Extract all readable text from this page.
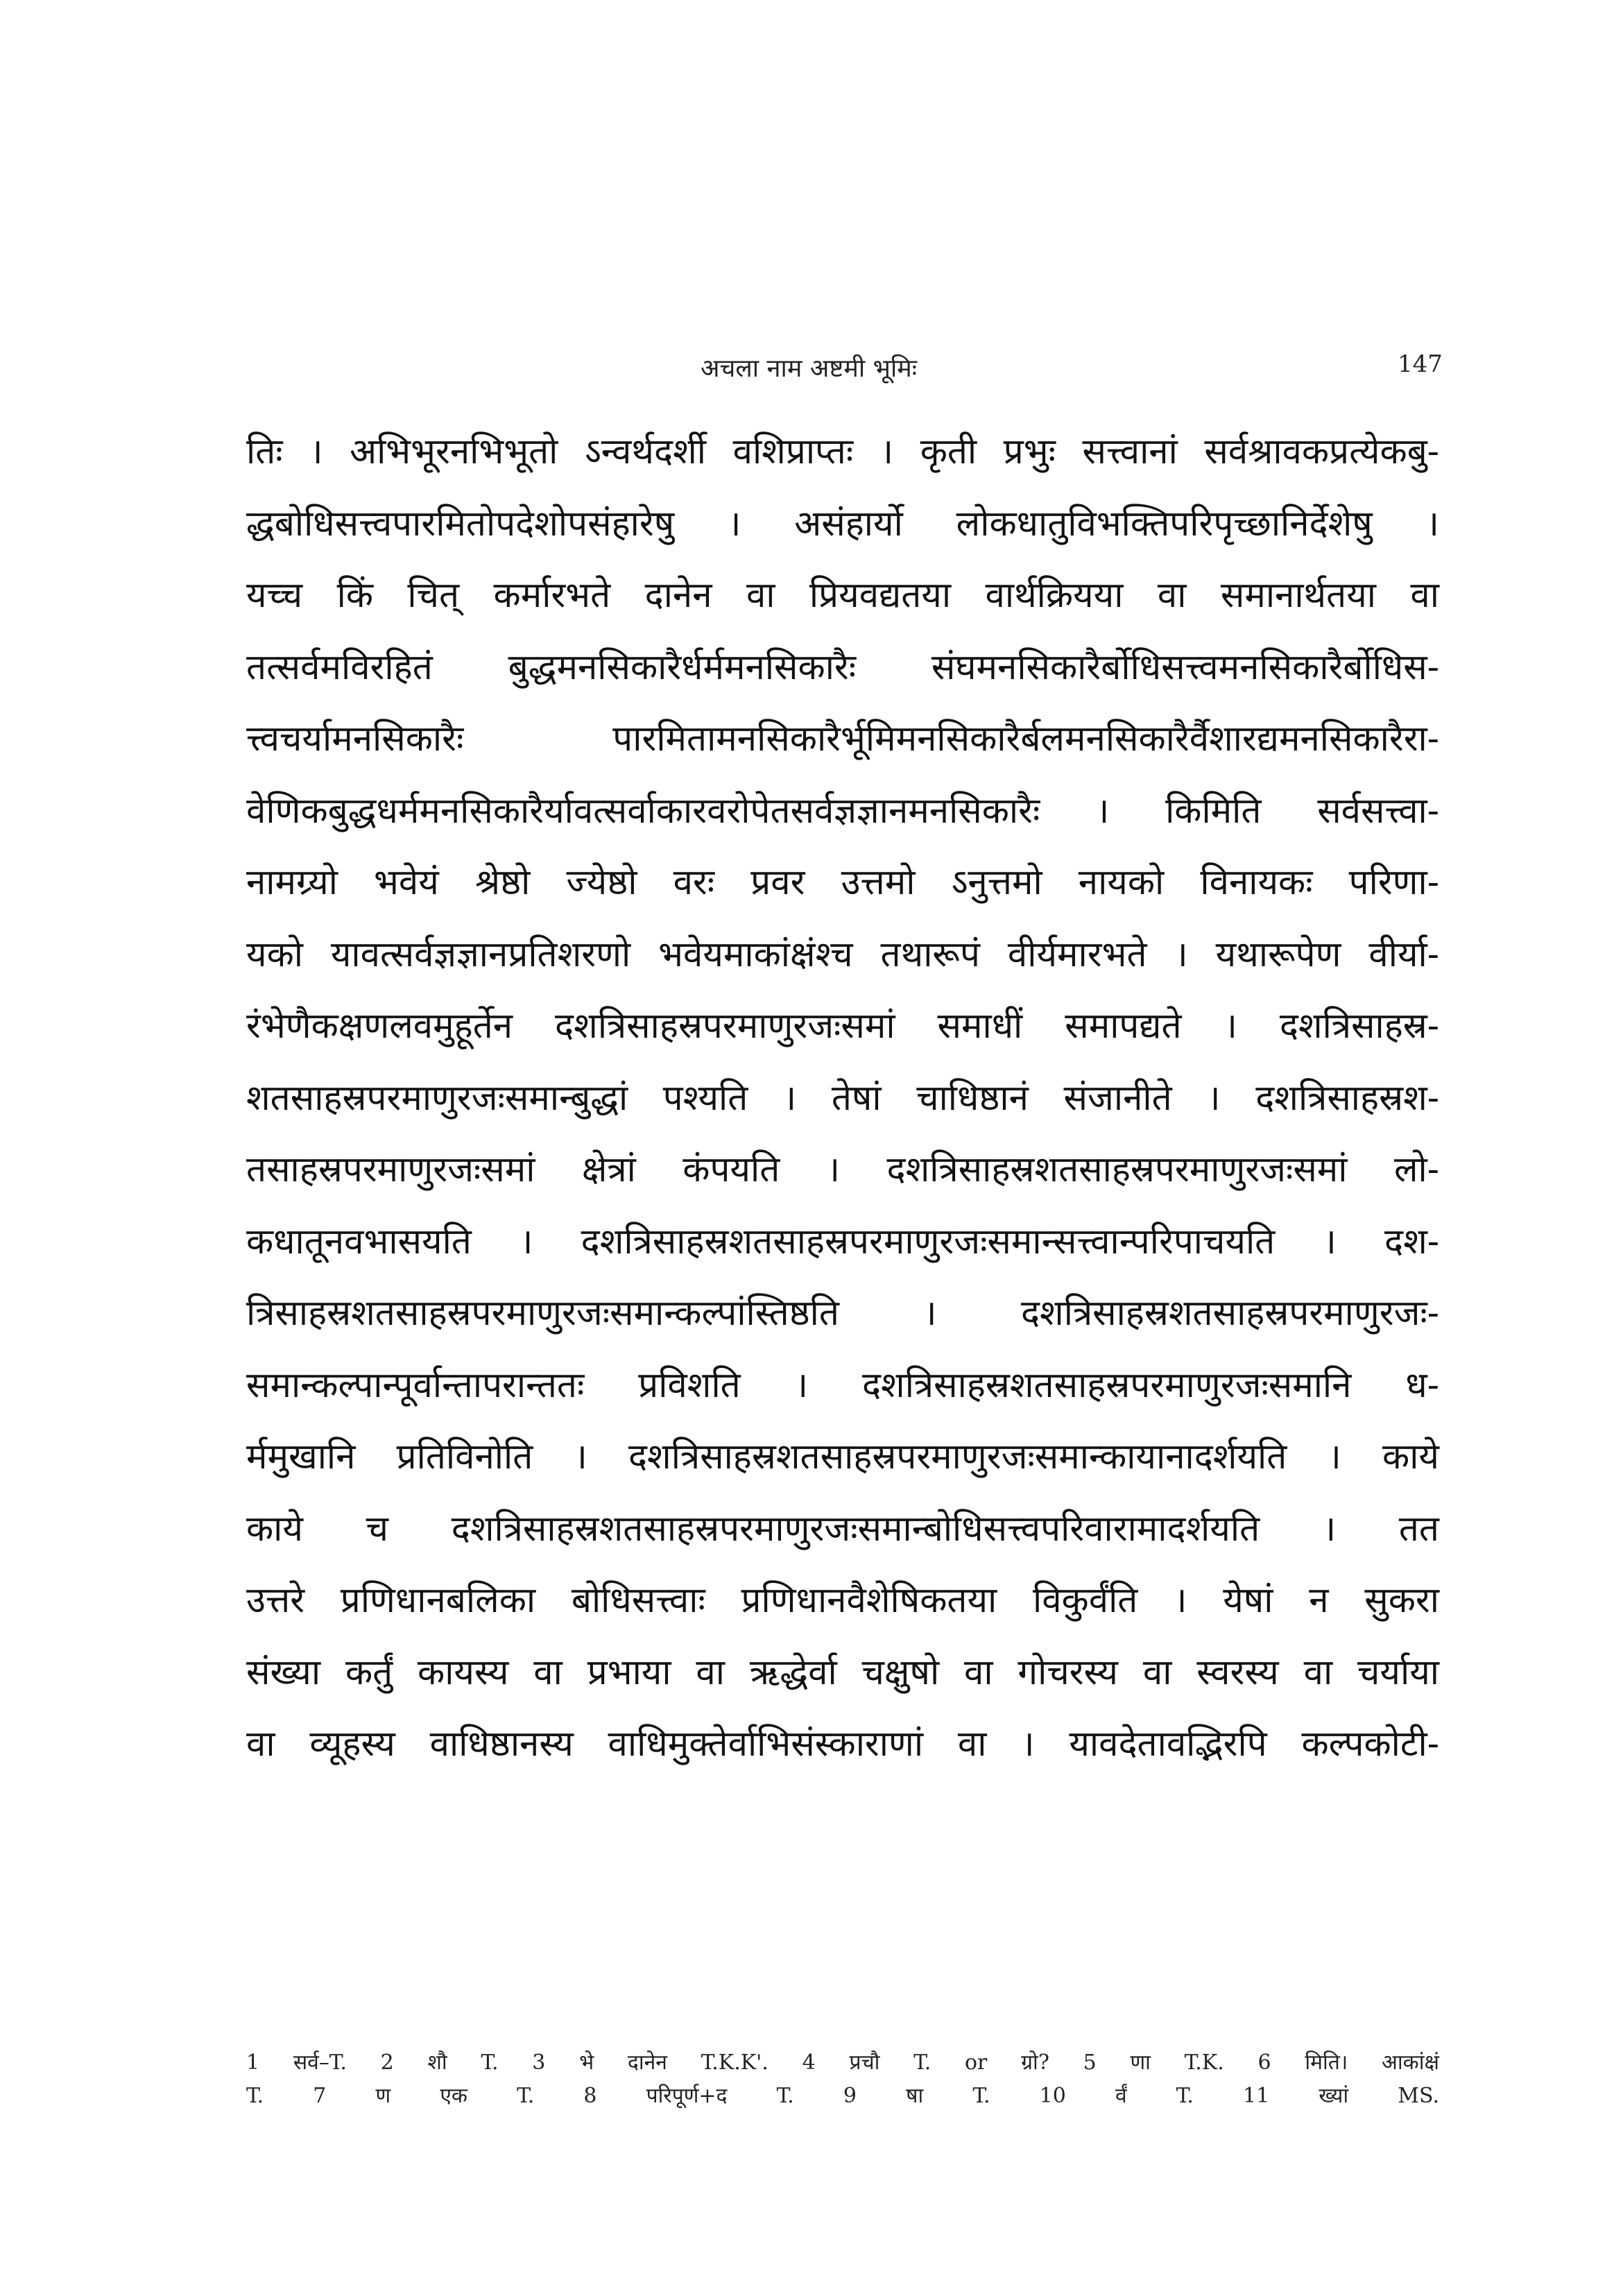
अचला नाम अष्टमी भूमिः	147
तिः । अभिभूरनभिभूतो ऽन्वर्थदर्शी वशिप्राप्तः । कृती प्रभुः सत्त्वानां सर्वश्रावकप्रत्येकबु-
द्धबोधिसत्त्वपारमितोपदेशोपसंहारेषु । असंहार्यो लोकधातुविभक्तिपरिपृच्छानिर्देशेषु ।
यच्च किं चित् कर्मारभते दानेन वा प्रियवद्यतया वार्थक्रियया वा समानार्थतया वा
तत्सर्वमविरहितं बुद्धमनसिकारैर्धर्ममनसिकारैः संघमनसिकारैर्बोधिसत्त्वमनसिकारैर्बोधिस-
त्त्वचर्यामनसिकारैः पारमितामनसिकारैर्भूमिमनसिकारैर्बलमनसिकारैर्वैशारद्यमनसिकारैरा-
वेणिकबुद्धधर्ममनसिकारैर्यावत्सर्वाकारवरोपेतसर्वज्ञज्ञानमनसिकारैः । किमिति सर्वसत्त्वा-
नामग्र्यो भवेयं श्रेष्ठो ज्येष्ठो वरः प्रवर उत्तमो ऽनुत्तमो नायको विनायकः परिणा-
यको यावत्सर्वज्ञज्ञानप्रतिशरणो भवेयमाकांक्षंश्च तथारूपं वीर्यमारभते । यथारूपेण वीर्या-
रंभेणैकक्षणलवमुहूर्तेन दशत्रिसाहस्रपरमाणुरजःसमां समाधीं समापद्यते । दशत्रिसाहस्र-
शतसाहस्रपरमाणुरजःसमान्बुद्धां पश्यति । तेषां चाधिष्ठानं संजानीते । दशत्रिसाहस्रश-
तसाहस्रपरमाणुरजःसमां क्षेत्रां कंपयति । दशत्रिसाहस्रशतसाहस्रपरमाणुरजःसमां लो-
कधातूनवभासयति । दशत्रिसाहस्रशतसाहस्रपरमाणुरजःसमान्सत्त्वान्परिपाचयति । दश-
त्रिसाहस्रशतसाहस्रपरमाणुरजःसमान्कल्पांस्तिष्ठति । दशत्रिसाहस्रशतसाहस्रपरमाणुरजः-
समान्कल्पान्पूर्वान्तापरान्ततः प्रविशति । दशत्रिसाहस्रशतसाहस्रपरमाणुरजःसमानि ध-
र्ममुखानि प्रतिविनोति । दशत्रिसाहस्रशतसाहस्रपरमाणुरजःसमान्कायानादर्शयति । काये
काये च दशत्रिसाहस्रशतसाहस्रपरमाणुरजःसमान्बोधिसत्त्वपरिवारामादर्शयति । तत
उत्तरे प्रणिधानबलिका बोधिसत्त्वाः प्रणिधानवैशेषिकतया विकुर्वंति । येषां न सुकरा
संख्या कर्तुं कायस्य वा प्रभाया वा ऋद्धेर्वा चक्षुषो वा गोचरस्य वा स्वरस्य वा चर्याया
वा व्यूहस्य वाधिष्ठानस्य वाधिमुक्तेर्वाभिसंस्काराणां वा । यावदेतावद्भिरपि कल्पकोटी-
1 सर्व–T. 2 शौ T. 3 भे दानेन T.K.K'. 4 प्रचौ T. or ग्रो? 5 णा T.K. 6 मिति। आकांक्षं
T. 7 ण एक T. 8 परिपूर्ण+द T. 9 षा T. 10 र्वं T. 11 ख्यां MS.
